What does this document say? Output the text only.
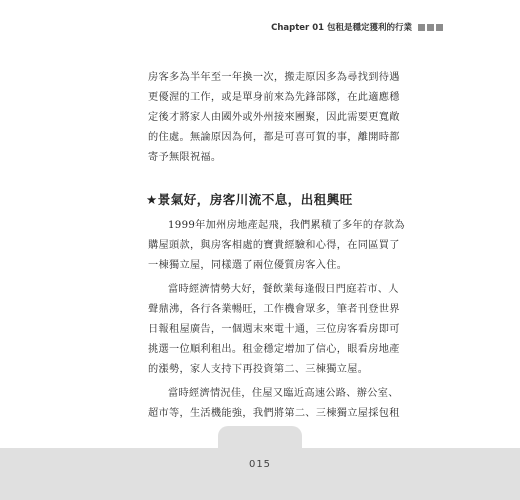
Chapter 01 包租是穩定獲利的行業

房客多為半年至一年換一次，搬走原因多為尋找到待遇

更優渥的工作，或是單身前來為先鋒部隊，在此適應穩

定後才將家人由國外或外州接來團聚，因此需要更寬敞

的住處。無論原因為何，都是可喜可賀的事，離開時都

寄予無限祝福。

★景氣好，房客川流不息，出租興旺

1999年加州房地產起飛，我們累積了多年的存款為

購屋頭款，與房客相處的寶貴經驗和心得，在同區買了

一棟獨立屋，同樣選了兩位優質房客入住。

當時經濟情勢大好，餐飲業每逢假日門庭若市、人

聲鼎沸，各行各業暢旺，工作機會眾多，筆者刊登世界

日報租屋廣告，一個週末來電十通，三位房客看房即可

挑選一位順利租出。租金穩定增加了信心，眼看房地產

的漲勢，家人支持下再投資第二、三棟獨立屋。

當時經濟情況佳，住屋又臨近高速公路、辦公室、

超市等，生活機能強，我們將第二、三棟獨立屋採包租

015
